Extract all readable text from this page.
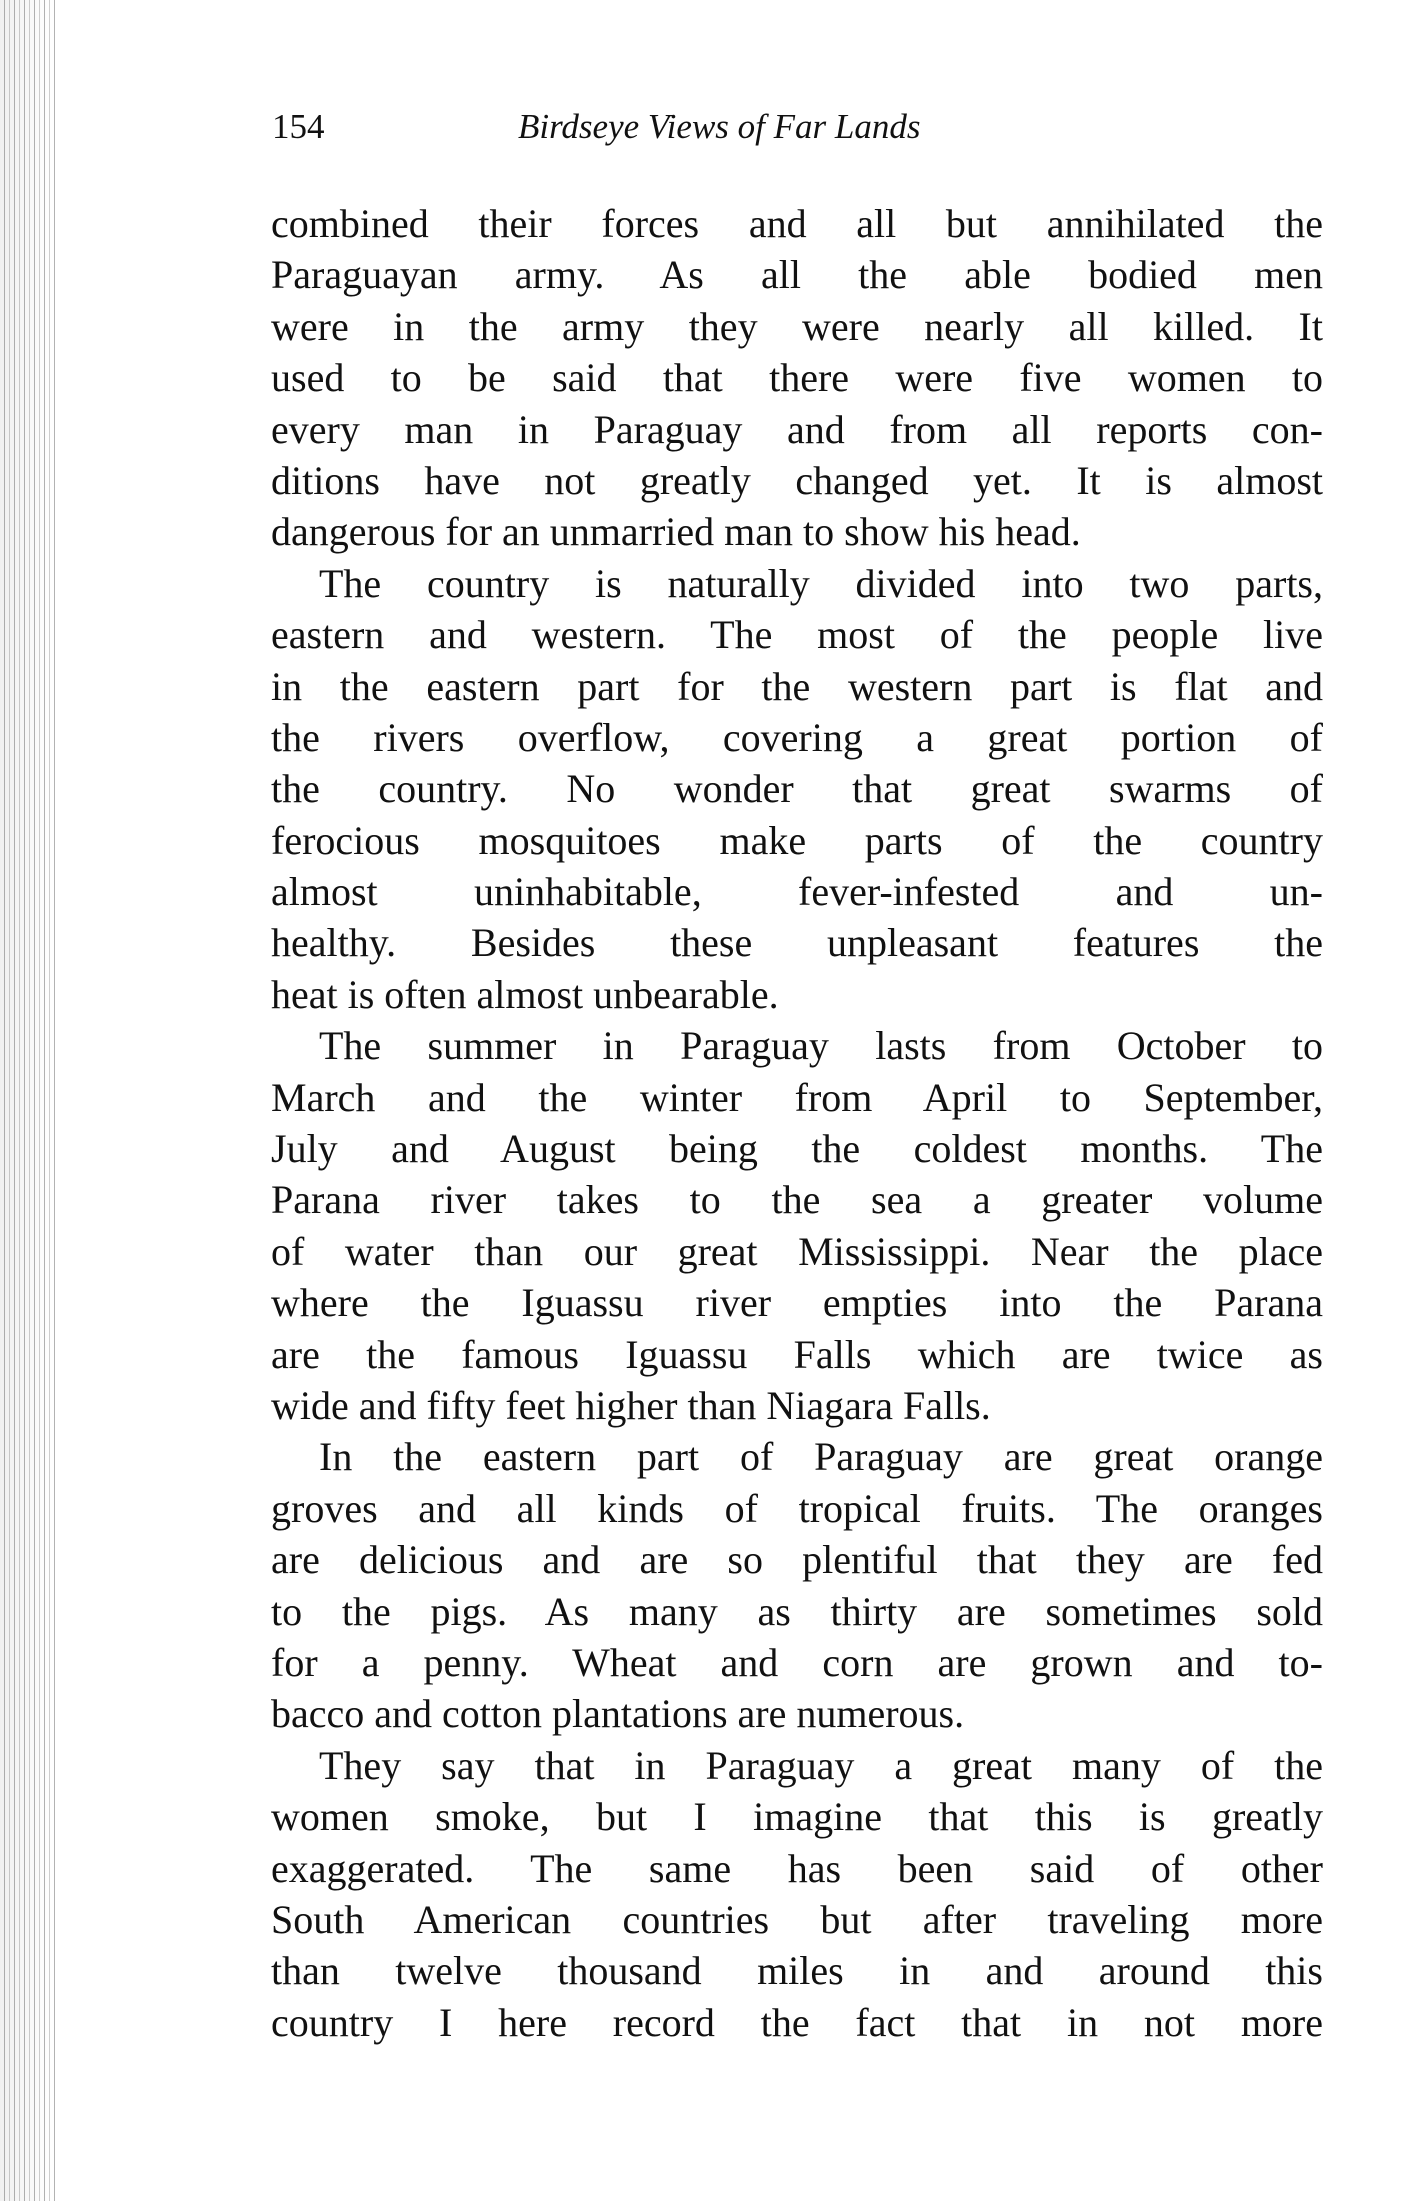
154	Birdseye Views of Far Lands
combined their forces and all but annihilated the
Paraguayan army. As all the able bodied men
were in the army they were nearly all killed. It
used to be said that there were five women to
every man in Paraguay and from all reports con-
ditions have not greatly changed yet. It is almost
dangerous for an unmarried man to show his head.
The country is naturally divided into two parts,
eastern and western. The most of the people live
in the eastern part for the western part is flat and
the rivers overflow, covering a great portion of
the country. No wonder that great swarms of
ferocious mosquitoes make parts of the country
almost uninhabitable, fever-infested and un-
healthy. Besides these unpleasant features the
heat is often almost unbearable.
The summer in Paraguay lasts from October to
March and the winter from April to September,
July and August being the coldest months. The
Parana river takes to the sea a greater volume
of water than our great Mississippi. Near the place
where the Iguassu river empties into the Parana
are the famous Iguassu Falls which are twice as
wide and fifty feet higher than Niagara Falls.
In the eastern part of Paraguay are great orange
groves and all kinds of tropical fruits. The oranges
are delicious and are so plentiful that they are fed
to the pigs. As many as thirty are sometimes sold
for a penny. Wheat and corn are grown and to-
bacco and cotton plantations are numerous.
They say that in Paraguay a great many of the
women smoke, but I imagine that this is greatly
exaggerated. The same has been said of other
South American countries but after traveling more
than twelve thousand miles in and around this
country I here record the fact that in not more
